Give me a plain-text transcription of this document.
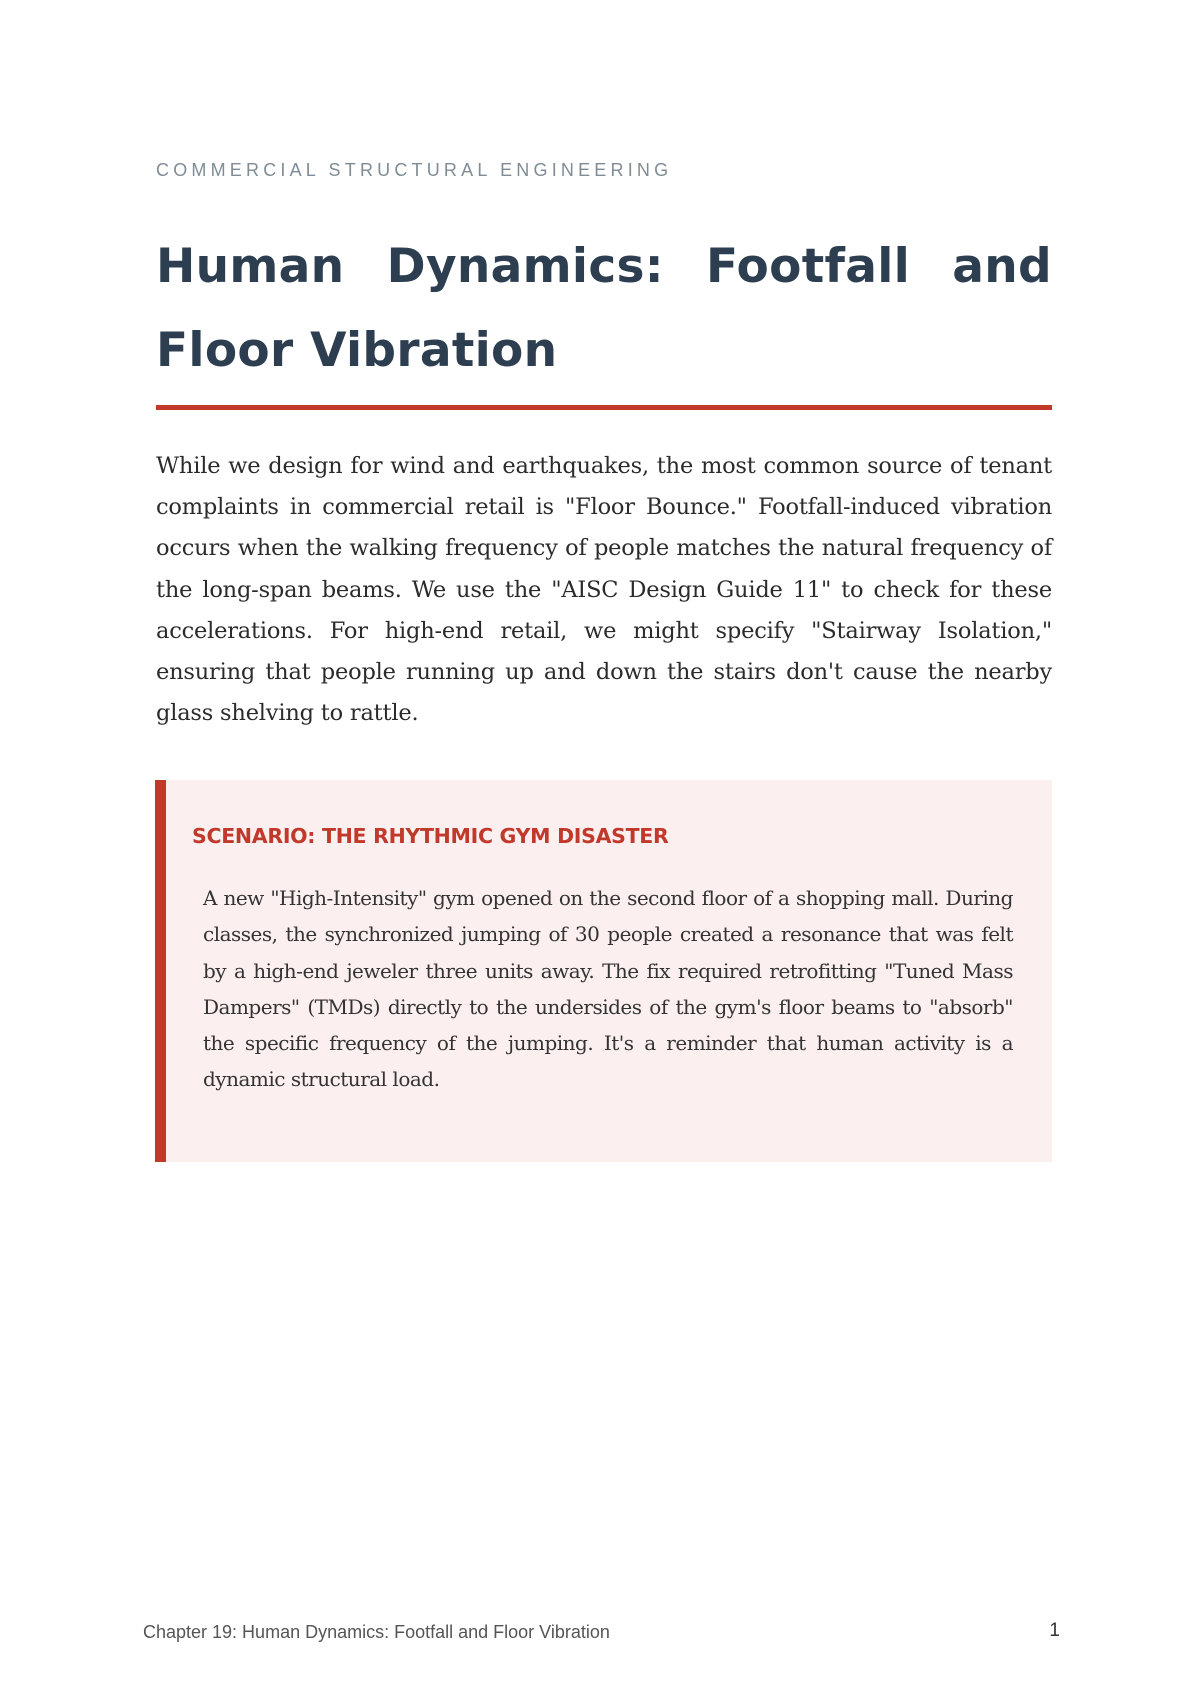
COMMERCIAL STRUCTURAL ENGINEERING
Human Dynamics: Footfall and Floor Vibration

While we design for wind and earthquakes, the most common source of tenant complaints in commercial retail is "Floor Bounce." Footfall-induced vibration occurs when the walking frequency of people matches the natural frequency of the long-span beams. We use the "AISC Design Guide 11" to check for these accelerations. For high-end retail, we might specify "Stairway Isolation," ensuring that people running up and down the stairs don't cause the nearby glass shelving to rattle.

SCENARIO: THE RHYTHMIC GYM DISASTER

A new "High-Intensity" gym opened on the second floor of a shopping mall. During classes, the synchronized jumping of 30 people created a resonance that was felt by a high-end jeweler three units away. The fix required retrofitting "Tuned Mass Dampers" (TMDs) directly to the undersides of the gym's floor beams to "absorb" the specific frequency of the jumping. It's a reminder that human activity is a dynamic structural load.

Chapter 19: Human Dynamics: Footfall and Floor Vibration	1
